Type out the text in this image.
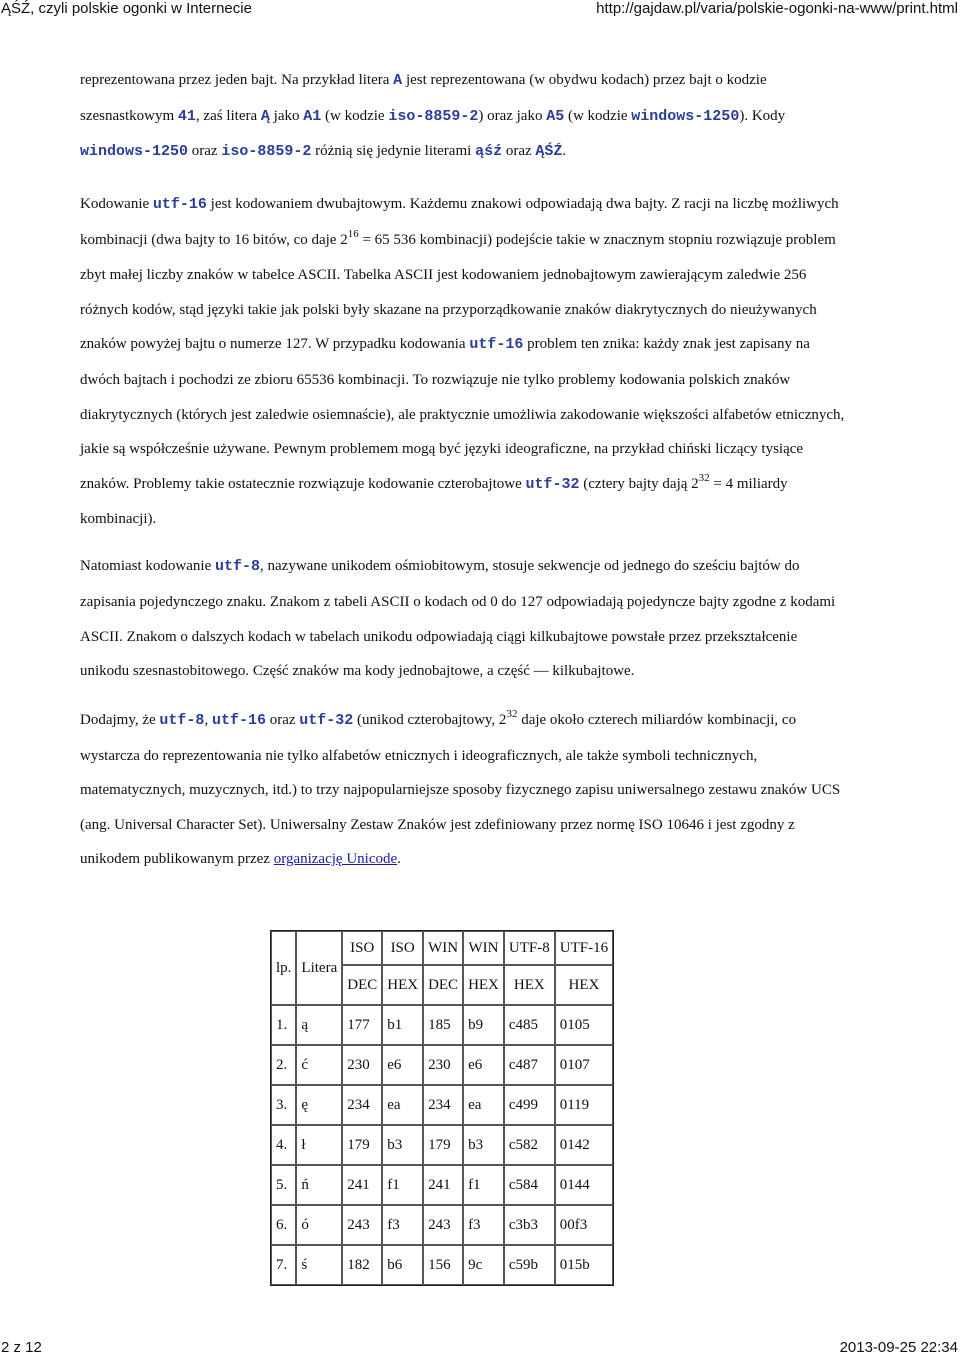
ĄŚŹ, czyli polskie ogonki w Internecie	http://gajdaw.pl/varia/polskie-ogonki-na-www/print.html

reprezentowana przez jeden bajt. Na przykład litera A jest reprezentowana (w obydwu kodach) przez bajt o kodzie szesnastkowym 41, zaś litera Ą jako A1 (w kodzie iso-8859-2) oraz jako A5 (w kodzie windows-1250). Kody windows-1250 oraz iso-8859-2 różnią się jedynie literami ąśź oraz ĄŚŹ.

Kodowanie utf-16 jest kodowaniem dwubajtowym. Każdemu znakowi odpowiadają dwa bajty. Z racji na liczbę możliwych kombinacji (dwa bajty to 16 bitów, co daje $2^{16} = 65$ 536 kombinacji) podejście takie w znacznym stopniu rozwiązuje problem zbyt małej liczby znaków w tabelce ASCII. Tabelka ASCII jest kodowaniem jednobajtowym zawierającym zaledwie 256 różnych kodów, stąd języki takie jak polski były skazane na przyporządkowanie znaków diakrytycznych do nieużywanych znaków powyżej bajtu o numerze 127. W przypadku kodowania utf-16 problem ten znika: każdy znak jest zapisany na dwóch bajtach i pochodzi ze zbioru 65536 kombinacji. To rozwiązuje nie tylko problemy kodowania polskich znaków diakrytycznych (których jest zaledwie osiemnaście), ale praktycznie umożliwia zakodowanie większości alfabetów etnicznych, jakie są współcześnie używane. Pewnym problemem mogą być języki ideograficzne, na przykład chiński liczący tysiące znaków. Problemy takie ostatecznie rozwiązuje kodowanie czterobajtowe utf-32 (cztery bajty dają $2^{32} = 4$ miliardy kombinacji).

Natomiast kodowanie utf-8, nazywane unikodem ośmiobitowym, stosuje sekwencje od jednego do sześciu bajtów do zapisania pojedynczego znaku. Znakom z tabeli ASCII o kodach od 0 do 127 odpowiadają pojedyncze bajty zgodne z kodami ASCII. Znakom o dalszych kodach w tabelach unikodu odpowiadają ciągi kilkubajtowe powstałe przez przekształcenie unikodu szesnastobitowego. Część znaków ma kody jednobajtowe, a część — kilkubajtowe.

Dodajmy, że utf-8, utf-16 oraz utf-32 (unikod czterobajtowy, $2^{32}$ daje około czterech miliardów kombinacji, co wystarcza do reprezentowania nie tylko alfabetów etnicznych i ideograficznych, ale także symboli technicznych, matematycznych, muzycznych, itd.) to trzy najpopularniejsze sposoby fizycznego zapisu uniwersalnego zestawu znaków UCS (ang. Universal Character Set). Uniwersalny Zestaw Znaków jest zdefiniowany przez normę ISO 10646 i jest zgodny z unikodem publikowanym przez organizację Unicode.

lp.	Litera	ISO	ISO	WIN	WIN	UTF-8	UTF-16
		DEC	HEX	DEC	HEX	HEX	HEX
1.	ą	177	b1	185	b9	c485	0105
2.	ć	230	e6	230	e6	c487	0107
3.	ę	234	ea	234	ea	c499	0119
4.	ł	179	b3	179	b3	c582	0142
5.	ń	241	f1	241	f1	c584	0144
6.	ó	243	f3	243	f3	c3b3	00f3
7.	ś	182	b6	156	9c	c59b	015b
2 z 12	2013-09-25 22:34
